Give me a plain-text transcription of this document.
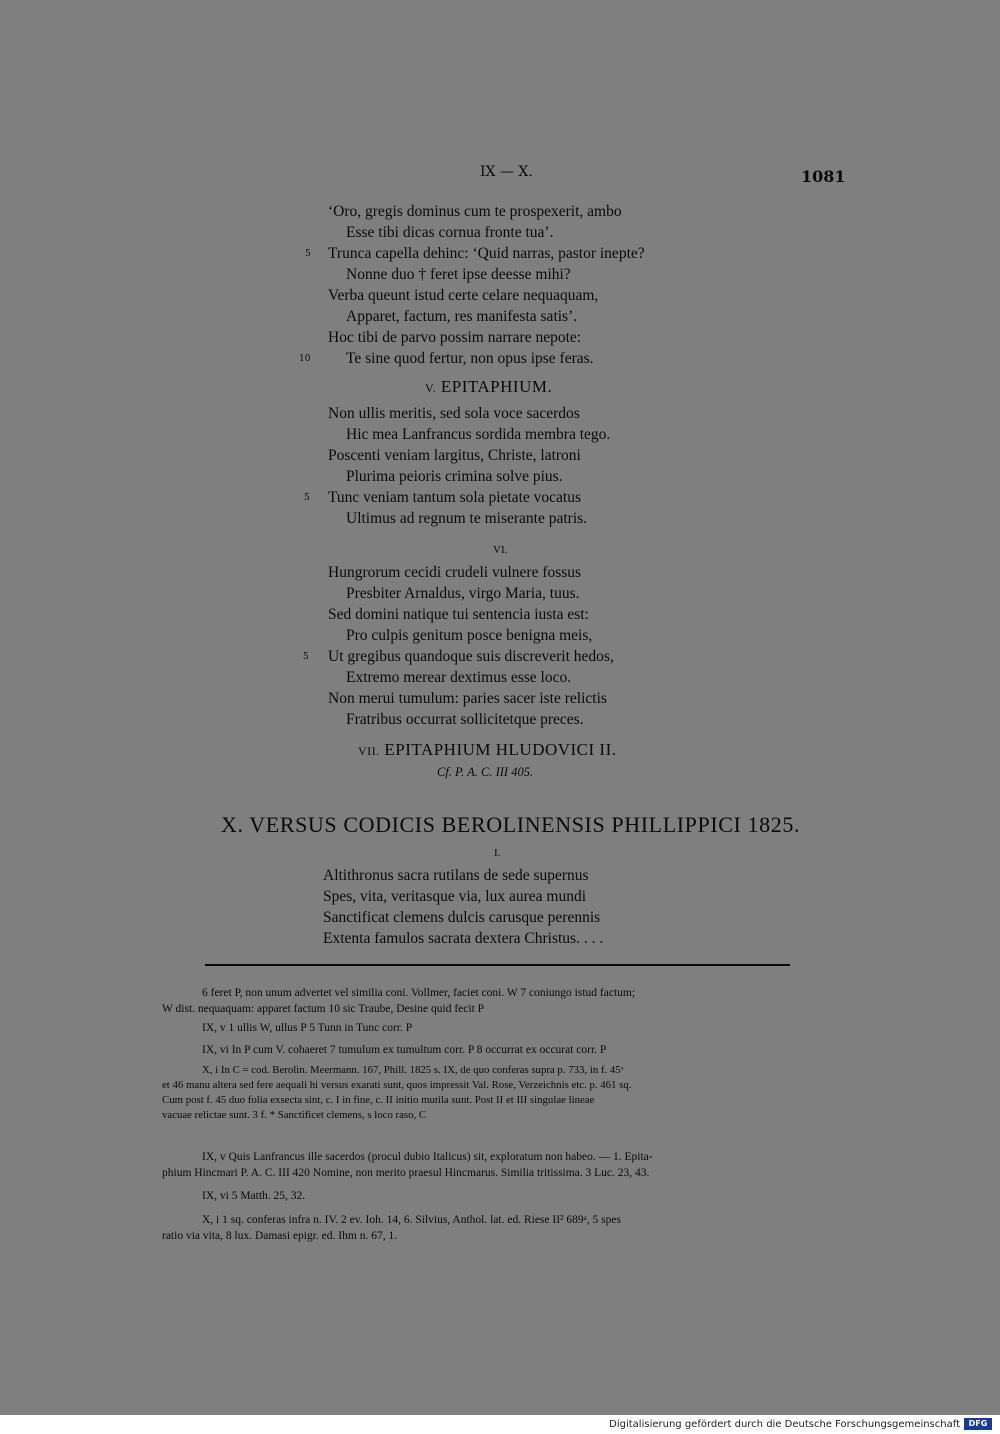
IX — X.	1081
‘Oro, gregis dominus cum te prospexerit, ambo
Esse tibi dicas cornua fronte tua’.
5 Trunca capella dehinc: ‘Quid narras, pastor inepte?
Nonne duo † feret ipse deesse mihi?
Verba queunt istud certe celare nequaquam,
Apparet, factum, res manifesta satis’.
Hoc tibi de parvo possim narrare nepote:
10 Te sine quod fertur, non opus ipse feras.
V. EPITAPHIUM.
Non ullis meritis, sed sola voce sacerdos
Hic mea Lanfrancus sordida membra tego.
Poscenti veniam largitus, Christe, latroni
Plurima peioris crimina solve pius.
5 Tunc veniam tantum sola pietate vocatus
Ultimus ad regnum te miserante patris.
VI.
Hungrorum cecidi crudeli vulnere fossus
Presbiter Arnaldus, virgo Maria, tuus.
Sed domini natique tui sentencia iusta est:
Pro culpis genitum posce benigna meis,
5 Ut gregibus quandoque suis discreverit hedos,
Extremo merear dextimus esse loco.
Non merui tumulum: paries sacer iste relictis
Fratribus occurrat sollicitetque preces.
VII. EPITAPHIUM HLUDOVICI II.
Cf. P. A. C. III 405.
X. VERSUS CODICIS BEROLINENSIS PHILLIPPICI 1825.
I.
Altithronus sacra rutilans de sede supernus
Spes, vita, veritasque via, lux aurea mundi
Sanctificat clemens dulcis carusque perennis
Extenta famulos sacrata dextera Christus. . . .
6 feret P, non unum advertet vel similia coni. Vollmer, faciet coni. W 7 coniungo istud factum;
W dist. nequaquam: apparet factum 10 sic Traube, Desine quid fecit P
IX, v 1 ullis W, ullus P 5 Tunn in Tunc corr. P
IX, vi In P cum V. cohaeret 7 tumulum ex tumultum corr. P 8 occurrat ex occurat corr. P
X, i In C = cod. Berolin. Meermann. 167, Phill. 1825 s. IX, de quo conferas supra p. 733, in f. 45ᵛ
et 46 manu altera sed fere aequali hi versus exarati sunt, quos impressit Val. Rose, Verzeichnis etc. p. 461 sq.
Cum post f. 45 duo folia exsecta sint, c. I in fine, c. II initio mutila sunt. Post II et III singulae lineae
vacuae relictae sunt. 3 f. * Sanctificet clemens, s loco raso, C
IX, v Quis Lanfrancus ille sacerdos (procul dubio Italicus) sit, exploratum non habeo. — 1. Epita-
phium Hincmari P. A. C. III 420 Nomine, non merito praesul Hincmarus. Similia tritissima. 3 Luc. 23, 43.
IX, vi 5 Matth. 25, 32.
X, i 1 sq. conferas infra n. IV. 2 ev. Ioh. 14, 6. Silvius, Anthol. lat. ed. Riese II² 689ᵃ, 5 spes
ratio via vita, 8 lux. Damasi epigr. ed. Ihm n. 67, 1.
Digitalisierung gefördert durch die Deutsche Forschungsgemeinschaft	DFG
